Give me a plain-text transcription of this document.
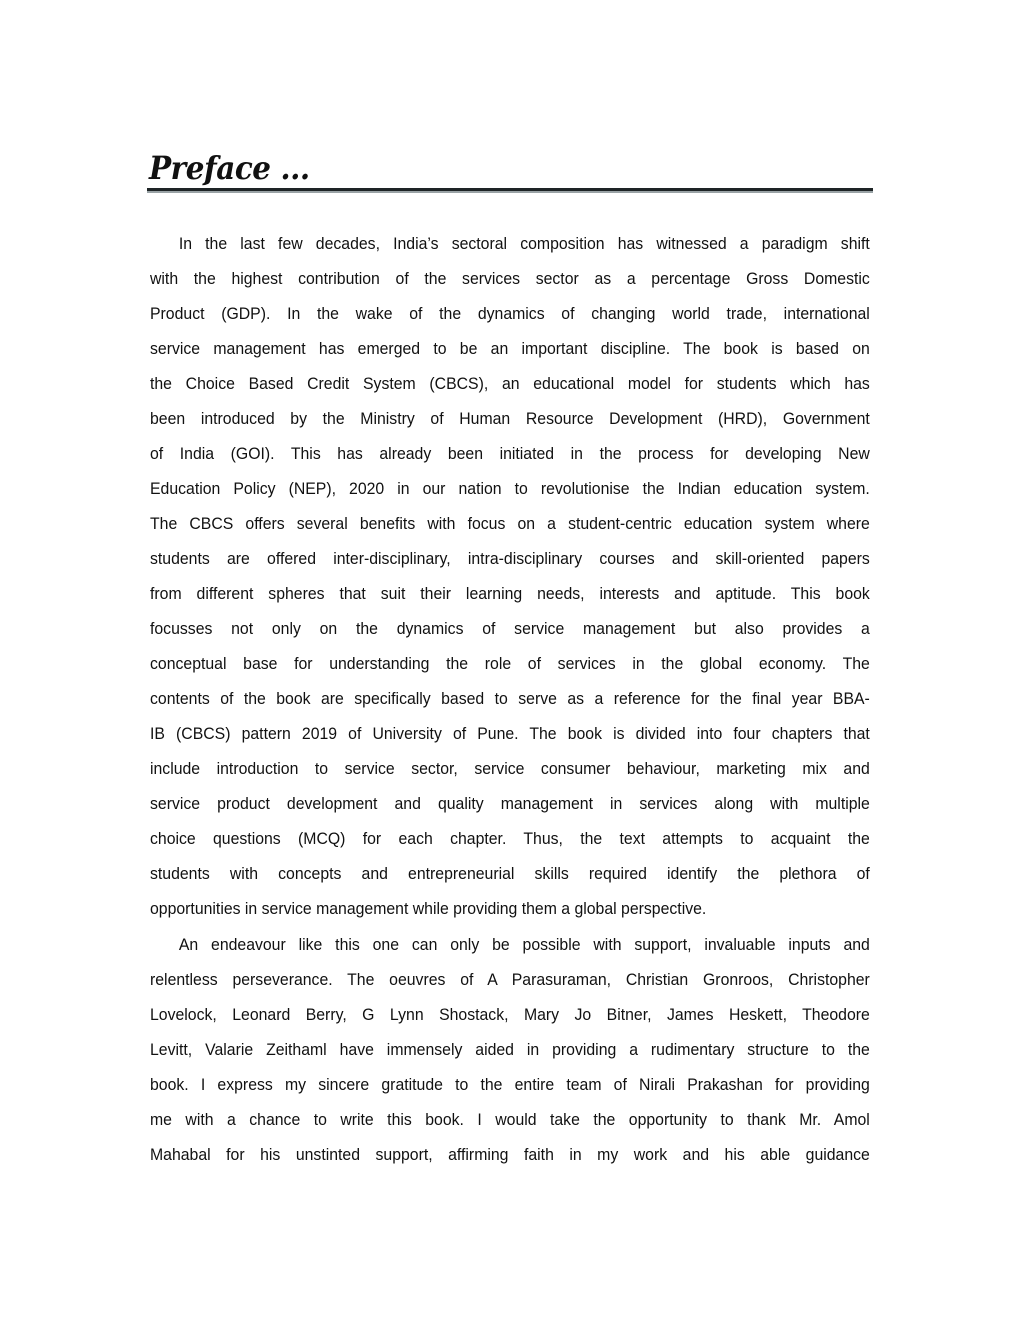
Preface ...
In the last few decades, India’s sectoral composition has witnessed a paradigm shift
with the highest contribution of the services sector as a percentage Gross Domestic
Product (GDP). In the wake of the dynamics of changing world trade, international
service management has emerged to be an important discipline. The book is based on
the Choice Based Credit System (CBCS), an educational model for students which has
been introduced by the Ministry of Human Resource Development (HRD), Government
of India (GOI). This has already been initiated in the process for developing New
Education Policy (NEP), 2020 in our nation to revolutionise the Indian education system.
The CBCS offers several benefits with focus on a student-centric education system where
students are offered inter-disciplinary, intra-disciplinary courses and skill-oriented papers
from different spheres that suit their learning needs, interests and aptitude. This book
focusses not only on the dynamics of service management but also provides a
conceptual base for understanding the role of services in the global economy. The
contents of the book are specifically based to serve as a reference for the final year BBA-
IB (CBCS) pattern 2019 of University of Pune. The book is divided into four chapters that
include introduction to service sector, service consumer behaviour, marketing mix and
service product development and quality management in services along with multiple
choice questions (MCQ) for each chapter. Thus, the text attempts to acquaint the
students with concepts and entrepreneurial skills required identify the plethora of
opportunities in service management while providing them a global perspective.
An endeavour like this one can only be possible with support, invaluable inputs and
relentless perseverance. The oeuvres of A Parasuraman, Christian Gronroos, Christopher
Lovelock, Leonard Berry, G Lynn Shostack, Mary Jo Bitner, James Heskett, Theodore
Levitt, Valarie Zeithaml have immensely aided in providing a rudimentary structure to the
book. I express my sincere gratitude to the entire team of Nirali Prakashan for providing
me with a chance to write this book. I would take the opportunity to thank Mr. Amol
Mahabal for his unstinted support, affirming faith in my work and his able guidance
